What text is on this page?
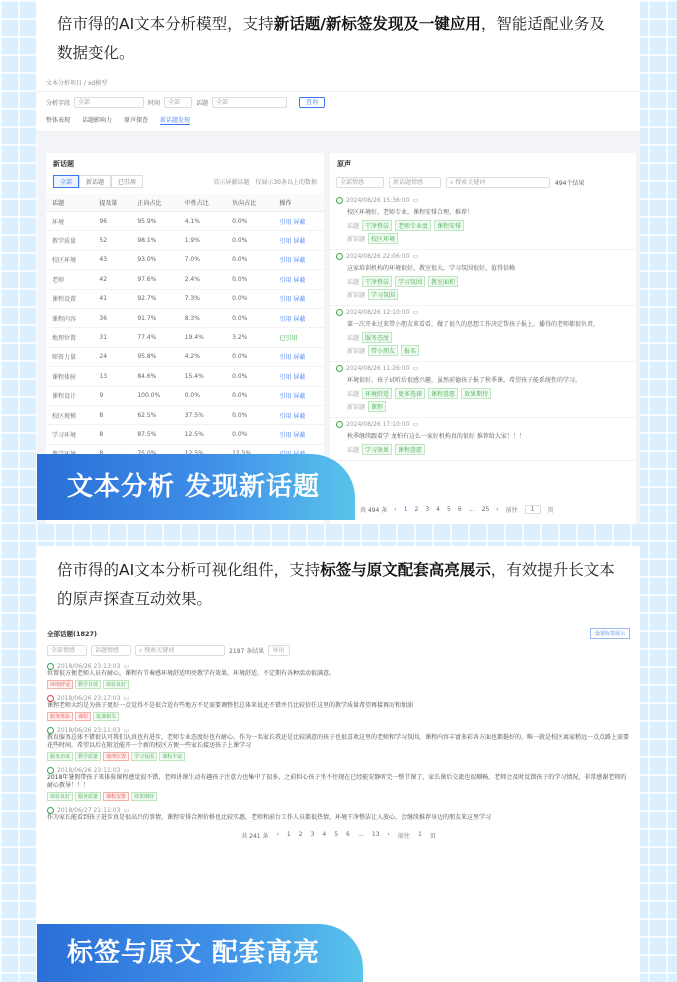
倍市得的AI文本分析模型，支持新话题/新标签发现及一键应用，智能适配业务及数据变化。

文本分析项目 / xd模型
分析字段	全部	时间	全部	话题	全部	查询
整体表现 话题影响力 原声探查 新话题发现
新话题
全部	新话题	已引用	显示屏蔽话题 仅展示30条以上的数据
话题	提及量	正向占比	中性占比	负向占比	操作
环境	96	95.9%	4.1%	0.0%	引用 屏蔽
教学质量	52	98.1%	1.9%	0.0%	引用 屏蔽
校区环境	43	93.0%	7.0%	0.0%	引用 屏蔽
老师	42	97.6%	2.4%	0.0%	引用 屏蔽
课程设置	41	92.7%	7.3%	0.0%	引用 屏蔽
课程内容	36	91.7%	8.3%	0.0%	引用 屏蔽
地理位置	31	77.4%	19.4%	3.2%	已引用
师资力量	24	95.8%	4.2%	0.0%	引用 屏蔽
课程体验	13	84.6%	15.4%	0.0%	引用 屏蔽
课程设计	9	100.0%	0.0%	0.0%	引用 屏蔽
校区规模	8	62.5%	37.5%	0.0%	引用 屏蔽
学习环境	8	87.5%	12.5%	0.0%	引用 屏蔽

原声
全部情感	新话题情感	⌕ 搜索关键词	494个结果
2024/08/26 15:36:00 ▭
校区环境好，老师专业，课程安排合理，推荐！
话题	干净整洁	老师专业度	课程安排
新话题	校区环境
2024/08/26 22:06:00 ▭
这家培训机构的环境很好，教室很大，学习氛围很好，值得信赖
话题	干净整洁	学习氛围	教室面积
新话题	学习氛围
2024/08/26 12:10:00 ▭
第一次开业过来带小朋友来看看，做了很久的思想工作决定帮孩子报上。播得的老师都很负责。
话题	服务态度
新话题	带小朋友	报名
2024/08/26 11:26:00 ▭
环境很好，孩子试听后很感兴趣，虽然前德孩子报了秋季课。希望孩子能系统性的学习。
话题	环境舒适	更多选择	课程意愿	效果期待
新话题	课程
2024/08/26 17:10:00 ▭
秋季继续跟着学 龙柏有这么一家好机构真的很好 推荐给大家！！！
话题	学习效果	课程意愿
共 494 条 ‹ 1 2 3 4 5 6 … 25 › 前往	1	页
文本分析 发现新话题

倍市得的AI文本分析可视化组件，支持标签与原文配套高亮展示，有效提升长文本的原声探查互动效果。

全部话题(1827)	设置标签展示
全部情感	话题情感	⌕ 搜索关键词	2197 条结果	导出
2018/06/26 23:13:03 ▭
位置很方便老师人员有耐心，课程有节奏感环境舒适明亮教学有效果，环境舒适，不定期有各种活动很满意。
环境舒适 教学有效 体验良好
2018/06/26 23:17:03 ▭
课程老师大约是为孩子更好一点觉得不是很合适有些地方不足需要调整但总体来说还不错并且比较信任这里的教学质量希望再接再厉和加油
服务体验 课程 报课相关
2018/06/26 23:11:03 ▭
教育服务总体不错很认可我们认真也有进步，老师专业态度好也有耐心，作为一名家长我还是比较满意的孩子也很喜欢这里的老师和学习氛围，课程内容丰富多彩各方面也都挺好的，唯一就是校区离家稍远一点点路上需要花些时间，希望以后在附近能开一个新的校区方便一些家长接送孩子上课学习
服务态度 教学质量 地理位置 学习氛围 课程丰富
2018/06/26 23:11:03 ▭
2018年暑假带孩子来体验课程感觉很不错，老师讲课生动有趣孩子注意力也集中了很多，之前担心孩子坐不住现在已经能安静听完一整节课了，家长课后交流也很顺畅，老师会及时反馈孩子的学习情况，非常感谢老师的耐心教导！！！
体验良好 服务质量 课程安排 效果期待
2018/06/27 21:11:03 ▭
作为家长能看到孩子进步真是很高兴的事情，课程安排合理价格也比较实惠，老师和前台工作人员都很热情，环境干净整洁让人放心，会继续推荐身边的朋友来这里学习
共 241 条 ‹ 1 2 3 4 5 6 … 13 › 前往 1 页
标签与原文 配套高亮
